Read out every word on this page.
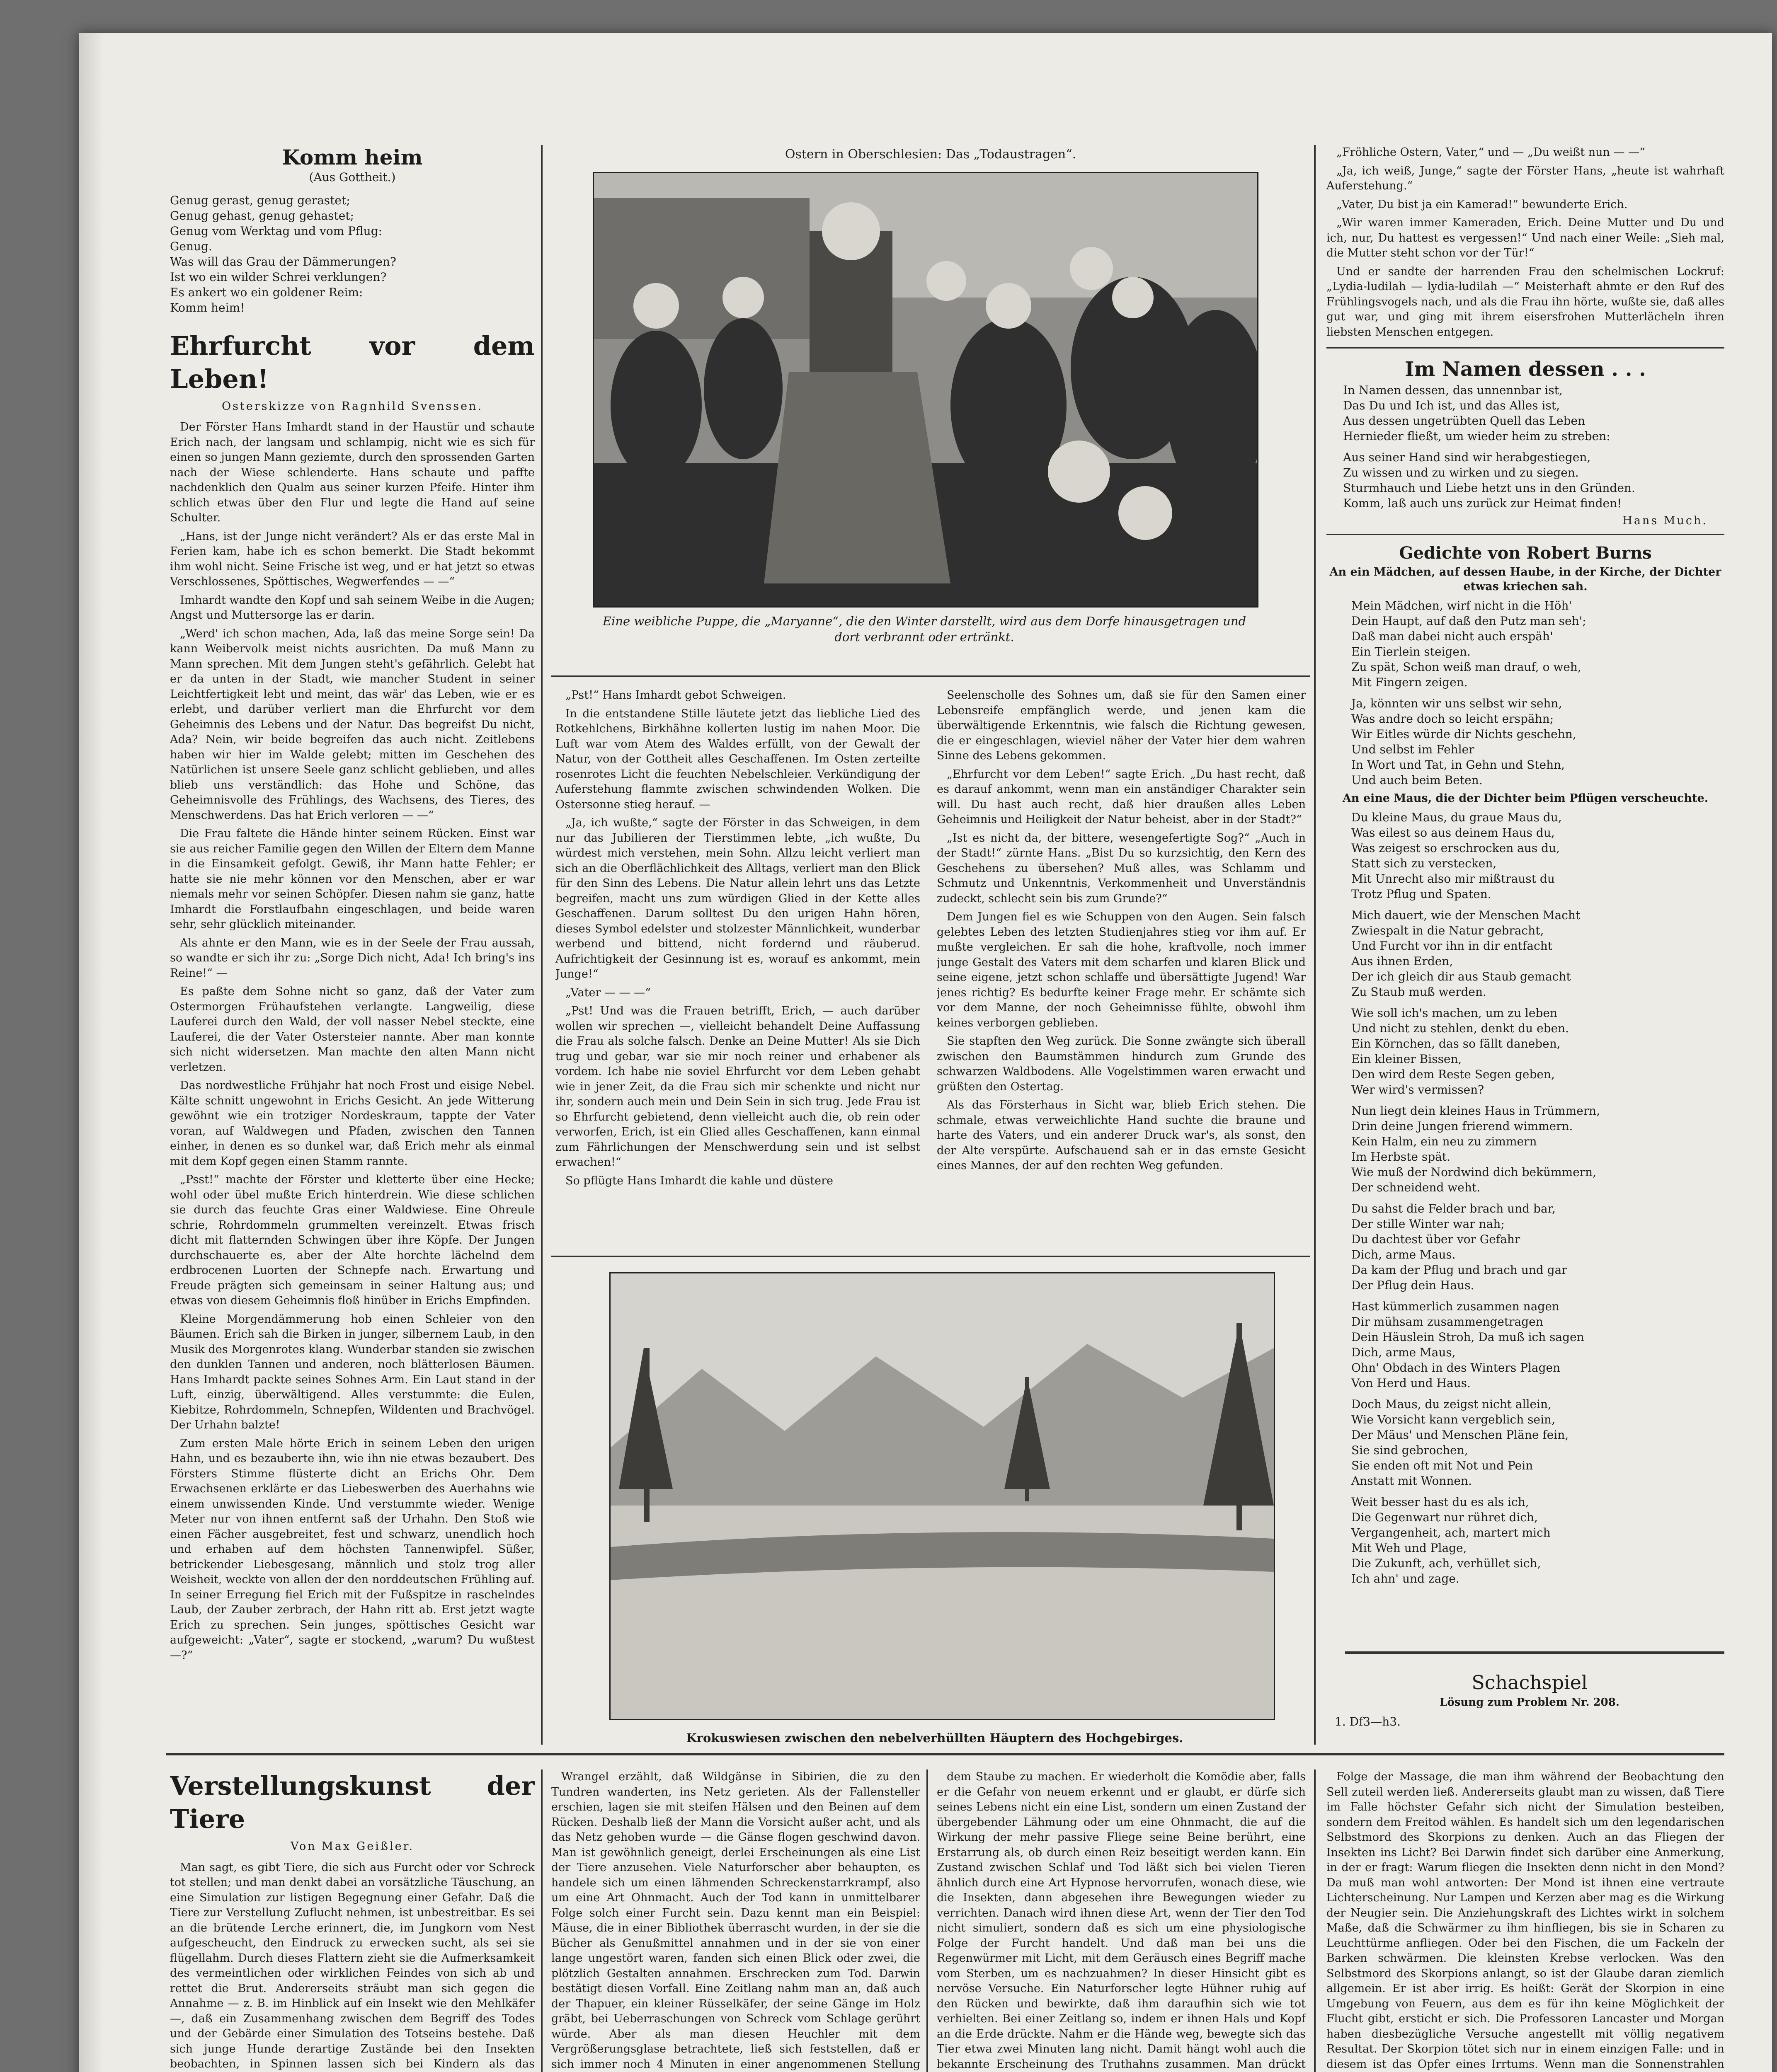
Komm heim
(Aus Gottheit.)
Genug gerast, genug gerastet;
Genug gehast, genug gehastet;
Genug vom Werktag und vom Pflug:
Genug.
Was will das Grau der Dämmerungen?
Ist wo ein wilder Schrei verklungen?
Es ankert wo ein goldener Reim:
Komm heim!
Ehrfurcht vor dem Leben!
Osterskizze von Ragnhild Svenssen.

Der Förster Hans Imhardt stand in der Haustür und schaute Erich nach, der langsam und schlampig, nicht wie es sich für einen so jungen Mann geziemte, durch den sprossenden Garten nach der Wiese schlenderte. Hans schaute und paffte nachdenklich den Qualm aus seiner kurzen Pfeife. Hinter ihm schlich etwas über den Flur und legte die Hand auf seine Schulter.

„Hans, ist der Junge nicht verändert? Als er das erste Mal in Ferien kam, habe ich es schon bemerkt. Die Stadt bekommt ihm wohl nicht. Seine Frische ist weg, und er hat jetzt so etwas Verschlossenes, Spöttisches, Wegwerfendes — —“

Imhardt wandte den Kopf und sah seinem Weibe in die Augen; Angst und Muttersorge las er darin.

„Werd' ich schon machen, Ada, laß das meine Sorge sein! Da kann Weibervolk meist nichts ausrichten. Da muß Mann zu Mann sprechen. Mit dem Jungen steht's gefährlich. Gelebt hat er da unten in der Stadt, wie mancher Student in seiner Leichtfertigkeit lebt und meint, das wär' das Leben, wie er es erlebt, und darüber verliert man die Ehrfurcht vor dem Geheimnis des Lebens und der Natur. Das begreifst Du nicht, Ada? Nein, wir beide begreifen das auch nicht. Zeitlebens haben wir hier im Walde gelebt; mitten im Geschehen des Natürlichen ist unsere Seele ganz schlicht geblieben, und alles blieb uns verständlich: das Hohe und Schöne, das Geheimnisvolle des Frühlings, des Wachsens, des Tieres, des Menschwerdens. Das hat Erich verloren — —“

Die Frau faltete die Hände hinter seinem Rücken. Einst war sie aus reicher Familie gegen den Willen der Eltern dem Manne in die Einsamkeit gefolgt. Gewiß, ihr Mann hatte Fehler; er hatte sie nie mehr können vor den Menschen, aber er war niemals mehr vor seinen Schöpfer. Diesen nahm sie ganz, hatte Imhardt die Forstlaufbahn eingeschlagen, und beide waren sehr, sehr glücklich miteinander.

Als ahnte er den Mann, wie es in der Seele der Frau aussah, so wandte er sich ihr zu: „Sorge Dich nicht, Ada! Ich bring's ins Reine!“ —

Es paßte dem Sohne nicht so ganz, daß der Vater zum Ostermorgen Frühaufstehen verlangte. Langweilig, diese Lauferei durch den Wald, der voll nasser Nebel steckte, eine Lauferei, die der Vater Ostersteier nannte. Aber man konnte sich nicht widersetzen. Man machte den alten Mann nicht verletzen.

Das nordwestliche Frühjahr hat noch Frost und eisige Nebel. Kälte schnitt ungewohnt in Erichs Gesicht. An jede Witterung gewöhnt wie ein trotziger Nordeskraum, tappte der Vater voran, auf Waldwegen und Pfaden, zwischen den Tannen einher, in denen es so dunkel war, daß Erich mehr als einmal mit dem Kopf gegen einen Stamm rannte.

„Psst!“ machte der Förster und kletterte über eine Hecke; wohl oder übel mußte Erich hinterdrein. Wie diese schlichen sie durch das feuchte Gras einer Waldwiese. Eine Ohreule schrie, Rohrdommeln grummelten vereinzelt. Etwas frisch dicht mit flatternden Schwingen über ihre Köpfe. Der Jungen durchschauerte es, aber der Alte horchte lächelnd dem erdbrocenen Luorten der Schnepfe nach. Erwartung und Freude prägten sich gemeinsam in seiner Haltung aus; und etwas von diesem Geheimnis floß hinüber in Erichs Empfinden.

Kleine Morgendämmerung hob einen Schleier von den Bäumen. Erich sah die Birken in junger, silbernem Laub, in den Musik des Morgenrotes klang. Wunderbar standen sie zwischen den dunklen Tannen und anderen, noch blätterlosen Bäumen. Hans Imhardt packte seines Sohnes Arm. Ein Laut stand in der Luft, einzig, überwältigend. Alles verstummte: die Eulen, Kiebitze, Rohrdommeln, Schnepfen, Wildenten und Brachvögel. Der Urhahn balzte!

Zum ersten Male hörte Erich in seinem Leben den urigen Hahn, und es bezauberte ihn, wie ihn nie etwas bezaubert. Des Försters Stimme flüsterte dicht an Erichs Ohr. Dem Erwachsenen erklärte er das Liebeswerben des Auerhahns wie einem unwissenden Kinde. Und verstummte wieder. Wenige Meter nur von ihnen entfernt saß der Urhahn. Den Stoß wie einen Fächer ausgebreitet, fest und schwarz, unendlich hoch und erhaben auf dem höchsten Tannenwipfel. Süßer, betrickender Liebesgesang, männlich und stolz trog aller Weisheit, weckte von allen der den norddeutschen Frühling auf. In seiner Erregung fiel Erich mit der Fußspitze in raschelndes Laub, der Zauber zerbrach, der Hahn ritt ab. Erst jetzt wagte Erich zu sprechen. Sein junges, spöttisches Gesicht war aufgeweicht: „Vater“, sagte er stockend, „warum? Du wußtest —?“

Ostern in Oberschlesien: Das „Todaustragen“.
Eine weibliche Puppe, die „Maryanne“, die den Winter darstellt, wird aus dem Dorfe hinausgetragen und dort verbrannt oder ertränkt.

„Pst!“ Hans Imhardt gebot Schweigen.

In die entstandene Stille läutete jetzt das liebliche Lied des Rotkehlchens, Birkhähne kollerten lustig im nahen Moor. Die Luft war vom Atem des Waldes erfüllt, von der Gewalt der Natur, von der Gottheit alles Geschaffenen. Im Osten zerteilte rosenrotes Licht die feuchten Nebelschleier. Verkündigung der Auferstehung flammte zwischen schwindenden Wolken. Die Ostersonne stieg herauf. —

„Ja, ich wußte,“ sagte der Förster in das Schweigen, in dem nur das Jubilieren der Tierstimmen lebte, „ich wußte, Du würdest mich verstehen, mein Sohn. Allzu leicht verliert man sich an die Oberflächlichkeit des Alltags, verliert man den Blick für den Sinn des Lebens. Die Natur allein lehrt uns das Letzte begreifen, macht uns zum würdigen Glied in der Kette alles Geschaffenen. Darum solltest Du den urigen Hahn hören, dieses Symbol edelster und stolzester Männlichkeit, wunderbar werbend und bittend, nicht fordernd und räuberud. Aufrichtigkeit der Gesinnung ist es, worauf es ankommt, mein Junge!“

„Vater — — —“

„Pst! Und was die Frauen betrifft, Erich, — auch darüber wollen wir sprechen —, vielleicht behandelt Deine Auffassung die Frau als solche falsch. Denke an Deine Mutter! Als sie Dich trug und gebar, war sie mir noch reiner und erhabener als vordem. Ich habe nie soviel Ehrfurcht vor dem Leben gehabt wie in jener Zeit, da die Frau sich mir schenkte und nicht nur ihr, sondern auch mein und Dein Sein in sich trug. Jede Frau ist so Ehrfurcht gebietend, denn vielleicht auch die, ob rein oder verworfen, Erich, ist ein Glied alles Geschaffenen, kann einmal zum Fährlichungen der Menschwerdung sein und ist selbst erwachen!“

So pflügte Hans Imhardt die kahle und düstere

Seelenscholle des Sohnes um, daß sie für den Samen einer Lebensreife empfänglich werde, und jenen kam die überwältigende Erkenntnis, wie falsch die Richtung gewesen, die er eingeschlagen, wieviel näher der Vater hier dem wahren Sinne des Lebens gekommen.

„Ehrfurcht vor dem Leben!“ sagte Erich. „Du hast recht, daß es darauf ankommt, wenn man ein anständiger Charakter sein will. Du hast auch recht, daß hier draußen alles Leben Geheimnis und Heiligkeit der Natur beheist, aber in der Stadt?“

„Ist es nicht da, der bittere, wesengefertigte Sog?“ „Auch in der Stadt!“ zürnte Hans. „Bist Du so kurzsichtig, den Kern des Geschehens zu übersehen? Muß alles, was Schlamm und Schmutz und Unkenntnis, Verkommenheit und Unverständnis zudeckt, schlecht sein bis zum Grunde?“

Dem Jungen fiel es wie Schuppen von den Augen. Sein falsch gelebtes Leben des letzten Studienjahres stieg vor ihm auf. Er mußte vergleichen. Er sah die hohe, kraftvolle, noch immer junge Gestalt des Vaters mit dem scharfen und klaren Blick und seine eigene, jetzt schon schlaffe und übersättigte Jugend! War jenes richtig? Es bedurfte keiner Frage mehr. Er schämte sich vor dem Manne, der noch Geheimnisse fühlte, obwohl ihm keines verborgen geblieben.

Sie stapften den Weg zurück. Die Sonne zwängte sich überall zwischen den Baumstämmen hindurch zum Grunde des schwarzen Waldbodens. Alle Vogelstimmen waren erwacht und grüßten den Ostertag.

Als das Försterhaus in Sicht war, blieb Erich stehen. Die schmale, etwas verweichlichte Hand suchte die braune und harte des Vaters, und ein anderer Druck war's, als sonst, den der Alte verspürte. Aufschauend sah er in das ernste Gesicht eines Mannes, der auf den rechten Weg gefunden.

Krokuswiesen zwischen den nebelverhüllten Häuptern des Hochgebirges.

„Fröhliche Ostern, Vater,“ und — „Du weißt nun — —“

„Ja, ich weiß, Junge,“ sagte der Förster Hans, „heute ist wahrhaft Auferstehung.“

„Vater, Du bist ja ein Kamerad!“ bewunderte Erich.

„Wir waren immer Kameraden, Erich. Deine Mutter und Du und ich, nur, Du hattest es vergessen!“ Und nach einer Weile: „Sieh mal, die Mutter steht schon vor der Tür!“

Und er sandte der harrenden Frau den schelmischen Lockruf: „Lydia-ludilah — lydia-ludilah —“ Meisterhaft ahmte er den Ruf des Frühlingsvogels nach, und als die Frau ihn hörte, wußte sie, daß alles gut war, und ging mit ihrem eisersfrohen Mutterlächeln ihren liebsten Menschen entgegen.

Im Namen dessen . . .
In Namen dessen, das unnennbar ist,
Das Du und Ich ist, und das Alles ist,
Aus dessen ungetrübten Quell das Leben
Hernieder fließt, um wieder heim zu streben:
Aus seiner Hand sind wir herabgestiegen,
Zu wissen und zu wirken und zu siegen.
Sturmhauch und Liebe hetzt uns in den Gründen.
Komm, laß auch uns zurück zur Heimat finden!
Hans Much.
Gedichte von Robert Burns
An ein Mädchen, auf dessen Haube, in der Kirche, der Dichter etwas kriechen sah.
Mein Mädchen, wirf nicht in die Höh'
Dein Haupt, auf daß den Putz man seh';
Daß man dabei nicht auch erspäh'
Ein Tierlein steigen.
Zu spät, Schon weiß man drauf, o weh,
Mit Fingern zeigen.
Ja, könnten wir uns selbst wir sehn,
Was andre doch so leicht erspähn;
Wir Eitles würde dir Nichts geschehn,
Und selbst im Fehler
In Wort und Tat, in Gehn und Stehn,
Und auch beim Beten.
An eine Maus, die der Dichter beim Pflügen verscheuchte.
Du kleine Maus, du graue Maus du,
Was eilest so aus deinem Haus du,
Was zeigest so erschrocken aus du,
Statt sich zu verstecken,
Mit Unrecht also mir mißtraust du
Trotz Pflug und Spaten.
Mich dauert, wie der Menschen Macht
Zwiespalt in die Natur gebracht,
Und Furcht vor ihn in dir entfacht
Aus ihnen Erden,
Der ich gleich dir aus Staub gemacht
Zu Staub muß werden.
Wie soll ich's machen, um zu leben
Und nicht zu stehlen, denkt du eben.
Ein Körnchen, das so fällt daneben,
Ein kleiner Bissen,
Den wird dem Reste Segen geben,
Wer wird's vermissen?
Nun liegt dein kleines Haus in Trümmern,
Drin deine Jungen frierend wimmern.
Kein Halm, ein neu zu zimmern
Im Herbste spät.
Wie muß der Nordwind dich bekümmern,
Der schneidend weht.
Du sahst die Felder brach und bar,
Der stille Winter war nah;
Du dachtest über vor Gefahr
Dich, arme Maus.
Da kam der Pflug und brach und gar
Der Pflug dein Haus.
Hast kümmerlich zusammen nagen
Dir mühsam zusammengetragen
Dein Häuslein Stroh, Da muß ich sagen
Dich, arme Maus,
Ohn' Obdach in des Winters Plagen
Von Herd und Haus.
Doch Maus, du zeigst nicht allein,
Wie Vorsicht kann vergeblich sein,
Der Mäus' und Menschen Pläne fein,
Sie sind gebrochen,
Sie enden oft mit Not und Pein
Anstatt mit Wonnen.
Weit besser hast du es als ich,
Die Gegenwart nur rühret dich,
Vergangenheit, ach, martert mich
Mit Weh und Plage,
Die Zukunft, ach, verhüllet sich,
Ich ahn' und zage.
Schachspiel
Lösung zum Problem Nr. 208.
1. Df3—h3.
Verstellungskunst der Tiere
Von Max Geißler.

Man sagt, es gibt Tiere, die sich aus Furcht oder vor Schreck tot stellen; und man denkt dabei an vorsätzliche Täuschung, an eine Simulation zur listigen Begegnung einer Gefahr. Daß die Tiere zur Verstellung Zuflucht nehmen, ist unbestreitbar. Es sei an die brütende Lerche erinnert, die, im Jungkorn vom Nest aufgescheucht, den Eindruck zu erwecken sucht, als sei sie flügellahm. Durch dieses Flattern zieht sie die Aufmerksamkeit des vermeintlichen oder wirklichen Feindes von sich ab und rettet die Brut. Andererseits sträubt man sich gegen die Annahme — z. B. im Hinblick auf ein Insekt wie den Mehlkäfer —, daß ein Zusammenhang zwischen dem Begriff des Todes und der Gebärde einer Simulation des Totseins bestehe. Daß sich junge Hunde derartige Zustände bei den Insekten beobachten, in Spinnen lassen sich bei Kindern als das

Wrangel erzählt, daß Wildgänse in Sibirien, die zu den Tundren wanderten, ins Netz gerieten. Als der Fallensteller erschien, lagen sie mit steifen Hälsen und den Beinen auf dem Rücken. Deshalb ließ der Mann die Vorsicht außer acht, und als das Netz gehoben wurde — die Gänse flogen geschwind davon. Man ist gewöhnlich geneigt, derlei Erscheinungen als eine List der Tiere anzusehen. Viele Naturforscher aber behaupten, es handele sich um einen lähmenden Schreckenstarrkrampf, also um eine Art Ohnmacht. Auch der Tod kann in unmittelbarer Folge solch einer Furcht sein. Dazu kennt man ein Beispiel: Mäuse, die in einer Bibliothek überrascht wurden, in der sie die Bücher als Genußmittel annahmen und in der sie von einer lange ungestört waren, fanden sich einen Blick oder zwei, die plötzlich Gestalten annahmen. Erschrecken zum Tod. Darwin bestätigt diesen Vorfall. Eine Zeitlang nahm man an, daß auch der Thapuer, ein kleiner Rüsselkäfer, der seine Gänge im Holz gräbt, bei Ueberraschungen von Schreck vom Schlage gerührt würde. Aber als man diesen Heuchler mit dem Vergrößerungsglase betrachtete, ließ sich feststellen, daß er sich immer noch 4 Minuten in einer angenommenen Stellung

dem Staube zu machen. Er wiederholt die Komödie aber, falls er die Gefahr von neuem erkennt und er glaubt, er dürfe sich seines Lebens nicht ein eine List, sondern um einen Zustand der übergebender Lähmung oder um eine Ohnmacht, die auf die Wirkung der mehr passive Fliege seine Beine berührt, eine Erstarrung als, ob durch einen Reiz beseitigt werden kann. Ein Zustand zwischen Schlaf und Tod läßt sich bei vielen Tieren ähnlich durch eine Art Hypnose hervorrufen, wonach diese, wie die Insekten, dann abgesehen ihre Bewegungen wieder zu verrichten. Danach wird ihnen diese Art, wenn der Tier den Tod nicht simuliert, sondern daß es sich um eine physiologische Folge der Furcht handelt. Und daß man bei uns die Regenwürmer mit Licht, mit dem Geräusch eines Begriff mache vom Sterben, um es nachzuahmen? In dieser Hinsicht gibt es nervöse Versuche. Ein Naturforscher legte Hühner ruhig auf den Rücken und bewirkte, daß ihm daraufhin sich wie tot verhielten. Bei einer Zeitlang so, indem er ihnen Hals und Kopf an die Erde drückte. Nahm er die Hände weg, bewegte sich das Tier etwa zwei Minuten lang nicht. Damit hängt wohl auch die bekannte Erscheinung des Truthahns zusammen. Man drückt

Folge der Massage, die man ihm während der Beobachtung den Sell zuteil werden ließ. Andererseits glaubt man zu wissen, daß Tiere im Falle höchster Gefahr sich nicht der Simulation besteiben, sondern dem Freitod wählen. Es handelt sich um den legendarischen Selbstmord des Skorpions zu denken. Auch an das Fliegen der Insekten ins Licht? Bei Darwin findet sich darüber eine Anmerkung, in der er fragt: Warum fliegen die Insekten denn nicht in den Mond? Da muß man wohl antworten: Der Mond ist ihnen eine vertraute Lichterscheinung. Nur Lampen und Kerzen aber mag es die Wirkung der Neugier sein. Die Anziehungskraft des Lichtes wirkt in solchem Maße, daß die Schwärmer zu ihm hinfliegen, bis sie in Scharen zu Leuchttürme anfliegen. Oder bei den Fischen, die um Fackeln der Barken schwärmen. Die kleinsten Krebse verlocken. Was den Selbstmord des Skorpions anlangt, so ist der Glaube daran ziemlich allgemein. Er ist aber irrig. Es heißt: Gerät der Skorpion in eine Umgebung von Feuern, aus dem es für ihn keine Möglichkeit der Flucht gibt, ersticht er sich. Die Professoren Lancaster und Morgan haben diesbezügliche Versuche angestellt mit völlig negativem Resultat. Der Skorpion tötet sich nur in einem einzigen Falle: und in diesem ist das Opfer eines Irrtums. Wenn man die Sonnenstrahlen
